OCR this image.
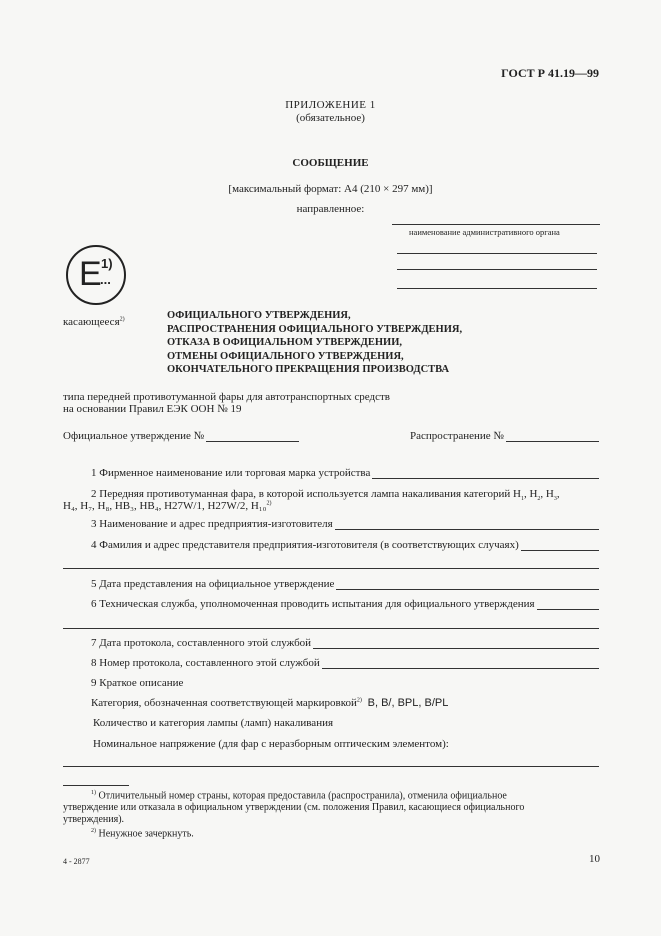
ГОСТ Р 41.19—99
ПРИЛОЖЕНИЕ 1
(обязательное)
СООБЩЕНИЕ
[максимальный формат: А4 (210 × 297 мм)]
направленное:
наименование административного органа
E 1)
...
касающееся$^{2)}$	ОФИЦИАЛЬНОГО УТВЕРЖДЕНИЯ,
РАСПРОСТРАНЕНИЯ ОФИЦИАЛЬНОГО УТВЕРЖДЕНИЯ,
ОТКАЗА В ОФИЦИАЛЬНОМ УТВЕРЖДЕНИИ,
ОТМЕНЫ ОФИЦИАЛЬНОГО УТВЕРЖДЕНИЯ,
ОКОНЧАТЕЛЬНОГО ПРЕКРАЩЕНИЯ ПРОИЗВОДСТВА
типа передней противотуманной фары для автотранспортных средств
на основании Правил ЕЭК ООН № 19
Официальное утверждение №	Распространение №
1 Фирменное наименование или торговая марка устройства
2 Передняя противотуманная фара, в которой используется лампа накаливания категорий $H_1$, $H_2$, $H_3$,
H₄, H₇, H₈, HB₃, HB₄, H27W/1, H27W/2, H₁₀$^{2)}$
3 Наименование и адрес предприятия-изготовителя
4 Фамилия и адрес представителя предприятия-изготовителя (в соответствующих случаях)
5 Дата представления на официальное утверждение
6 Техническая служба, уполномоченная проводить испытания для официального утверждения
7 Дата протокола, составленного этой службой
8 Номер протокола, составленного этой службой
9 Краткое описание
Категория, обозначенная соответствующей маркировкой$^{2)}$ B, B/, BPL, B/PL
Количество и категория лампы (ламп) накаливания
Номинальное напряжение (для фар с неразборным оптическим элементом):
$^{1)}$ Отличительный номер страны, которая предоставила (распространила), отменила официальное
утверждение или отказала в официальном утверждении (см. положения Правил, касающиеся официального
утверждения).
$^{2)}$ Ненужное зачеркнуть.
4 - 2877	10
